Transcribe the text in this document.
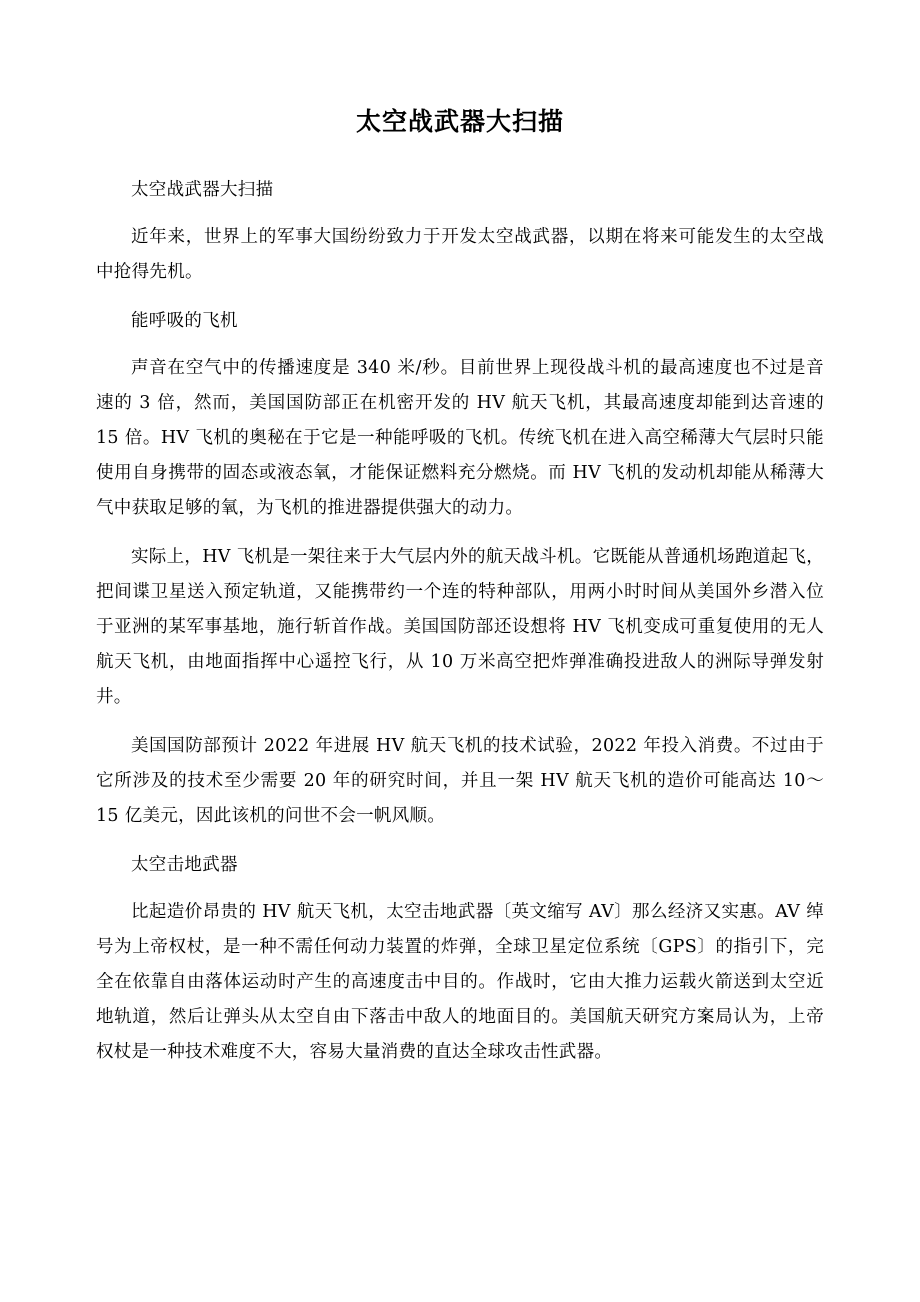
太空战武器大扫描

太空战武器大扫描

近年来，世界上的军事大国纷纷致力于开发太空战武器，以期在将来可能发生的太空战中抢得先机。

能呼吸的飞机

声音在空气中的传播速度是 340 米/秒。目前世界上现役战斗机的最高速度也不过是音速的 3 倍，然而，美国国防部正在机密开发的 HV 航天飞机，其最高速度却能到达音速的 15 倍。HV 飞机的奥秘在于它是一种能呼吸的飞机。传统飞机在进入高空稀薄大气层时只能使用自身携带的固态或液态氧，才能保证燃料充分燃烧。而 HV 飞机的发动机却能从稀薄大气中获取足够的氧，为飞机的推进器提供强大的动力。

实际上，HV 飞机是一架往来于大气层内外的航天战斗机。它既能从普通机场跑道起飞，把间谍卫星送入预定轨道，又能携带约一个连的特种部队，用两小时时间从美国外乡潜入位于亚洲的某军事基地，施行斩首作战。美国国防部还设想将 HV 飞机变成可重复使用的无人航天飞机，由地面指挥中心遥控飞行，从 10 万米高空把炸弹准确投进敌人的洲际导弹发射井。

美国国防部预计 2022 年进展 HV 航天飞机的技术试验，2022 年投入消费。不过由于它所涉及的技术至少需要 20 年的研究时间，并且一架 HV 航天飞机的造价可能高达 10～15 亿美元，因此该机的问世不会一帆风顺。

太空击地武器

比起造价昂贵的 HV 航天飞机，太空击地武器〔英文缩写 AV〕那么经济又实惠。AV 绰号为上帝权杖，是一种不需任何动力装置的炸弹，全球卫星定位系统〔GPS〕的指引下，完全在依靠自由落体运动时产生的高速度击中目的。作战时，它由大推力运载火箭送到太空近地轨道，然后让弹头从太空自由下落击中敌人的地面目的。美国航天研究方案局认为，上帝权杖是一种技术难度不大，容易大量消费的直达全球攻击性武器。
